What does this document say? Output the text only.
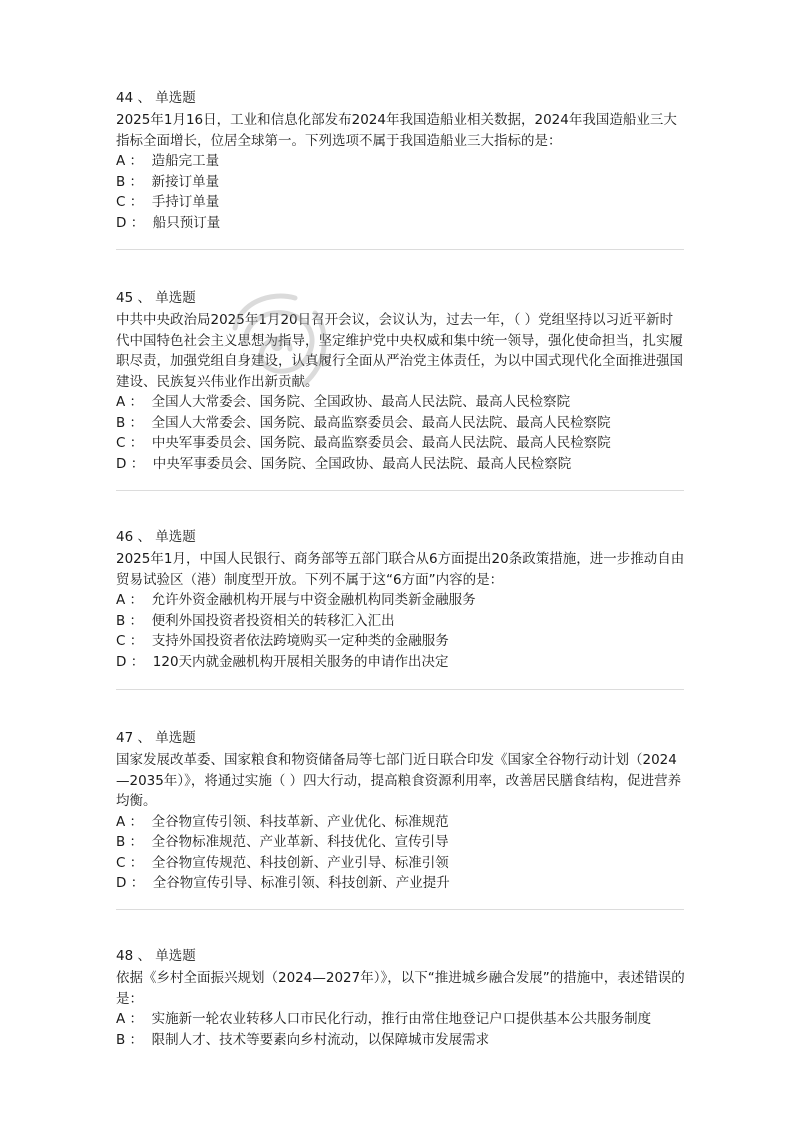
44 、 单选题
2025年1月16日，工业和信息化部发布2024年我国造船业相关数据，2024年我国造船业三大指标全面增长，位居全球第一。下列选项不属于我国造船业三大指标的是：
A ： 造船完工量
B ： 新接订单量
C ： 手持订单量
D ： 船只预订量
45 、 单选题
中共中央政治局2025年1月20日召开会议，会议认为，过去一年，（ ）党组坚持以习近平新时代中国特色社会主义思想为指导，坚定维护党中央权威和集中统一领导，强化使命担当，扎实履职尽责，加强党组自身建设，认真履行全面从严治党主体责任，为以中国式现代化全面推进强国建设、民族复兴伟业作出新贡献。
A ： 全国人大常委会、国务院、全国政协、最高人民法院、最高人民检察院
B ： 全国人大常委会、国务院、最高监察委员会、最高人民法院、最高人民检察院
C ： 中央军事委员会、国务院、最高监察委员会、最高人民法院、最高人民检察院
D ： 中央军事委员会、国务院、全国政协、最高人民法院、最高人民检察院
46 、 单选题
2025年1月，中国人民银行、商务部等五部门联合从6方面提出20条政策措施，进一步推动自由贸易试验区（港）制度型开放。下列不属于这“6方面”内容的是：
A ： 允许外资金融机构开展与中资金融机构同类新金融服务
B ： 便利外国投资者投资相关的转移汇入汇出
C ： 支持外国投资者依法跨境购买一定种类的金融服务
D ： 120天内就金融机构开展相关服务的申请作出决定
47 、 单选题
国家发展改革委、国家粮食和物资储备局等七部门近日联合印发《国家全谷物行动计划（2024—2035年）》，将通过实施（ ）四大行动，提高粮食资源利用率，改善居民膳食结构，促进营养均衡。
A ： 全谷物宣传引领、科技革新、产业优化、标准规范
B ： 全谷物标准规范、产业革新、科技优化、宣传引导
C ： 全谷物宣传规范、科技创新、产业引导、标准引领
D ： 全谷物宣传引导、标准引领、科技创新、产业提升
48 、 单选题
依据《乡村全面振兴规划（2024—2027年）》，以下“推进城乡融合发展”的措施中，表述错误的是：
A ： 实施新一轮农业转移人口市民化行动，推行由常住地登记户口提供基本公共服务制度
B ： 限制人才、技术等要素向乡村流动，以保障城市发展需求
